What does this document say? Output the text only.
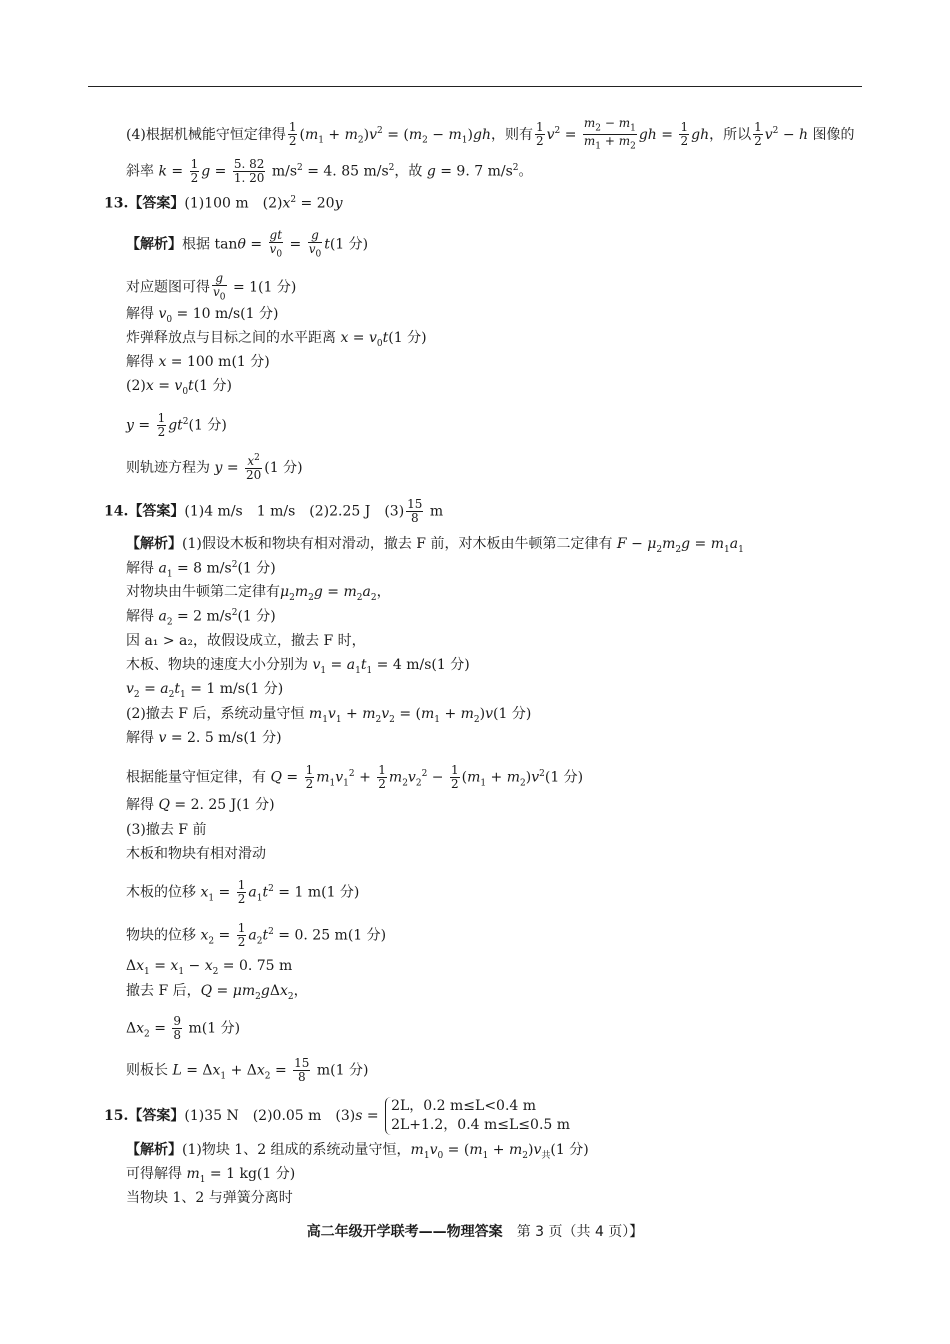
(4)根据机械能守恒定律得 $\frac{1}{2} (m_1 + m_2)v^2 = (m_2 - m_1)gh$，则有 $\frac{1}{2} v^2 = \frac{m_2 - m_1}{m_1 + m_2}$ gh = $\frac{1}{2}$ gh，所以 $\frac{1}{2} v^2 - h$ 图像的
斜率 $k = \frac{1}{2}$ $g = \frac{5. 82}{1. 20} m/s^2 = 4$. 85 $m/s^2$，故 g = 9. 7 $m/s^2$。
13.【答案】(1)100 m　$(2)x^2 = 20y$
【解析】根据 $\tan\theta = \frac{gt}{v_0} = \frac{g}{v_0} t(1$ 分)
对应题图可得 $\frac{g}{v_0} = 1(1$ 分)
解得 $v_0 = 10$ m/s(1 分)
炸弹释放点与目标之间的水平距离 $x = v_0t(1$ 分)
解得 x = 100 m(1 分)
$(2)x = v_0t(1$ 分)
$y = \frac{1}{2} gt^2(1$ 分)
则轨迹方程为 $y = \frac{x^2}{20} (1$ 分)
14.【答案】(1)4 m/s　1 m/s　(2)2.25 J　$(3) \frac{15}{8}$ m
【解析】(1)假设木板和物块有相对滑动，撤去 F 前，对木板由牛顿第二定律有 $F - \mu_2m_2g = m_1a_1$
解得 $a_1 = 8$ $m/s^2(1$ 分)
对物块由牛顿第二定律有$\mu_2m_2g = m_2a_2$，
解得 $a_2 = 2$ $m/s^2(1$ 分)
因 a₁ > a₂，故假设成立，撤去 F 时，
木板、物块的速度大小分别为 $v_1 = a_1t_1 = 4$ m/s(1 分)
$v_2 = a_2t_1 = 1$ m/s(1 分)
(2)撤去 F 后，系统动量守恒 $m_1v_1 + m_2v_2 = (m_1 + m_2)v(1$ 分)
解得 v = 2. 5 m/s(1 分)
根据能量守恒定律，有 $Q = \frac{1}{2} m_1v_1^2 + \frac{1}{2} m_2v_2^2 - \frac{1}{2} (m_1 + m_2)v^2(1$ 分)
解得 Q = 2. 25 J(1 分)
(3)撤去 F 前
木板和物块有相对滑动
木板的位移 $x_1 = \frac{1}{2} a_1t^2 = 1$ m(1 分)
物块的位移 $x_2 = \frac{1}{2} a_2t^2 = 0$. 25 m(1 分)
$\Delta x_1 = x_1 - x_2 = 0$. 75 m
撤去 F 后，$Q = \mu m_2g\Delta x_2$，
$\Delta x_2 = \frac{9}{8} m(1$ 分)
则板长 $L = \Delta x_1 + \Delta x_2 = \frac{15}{8} m(1$ 分)
15.【答案】(1)35 N　(2)0.05 m　(3)s =
2L，0.2 m≤L<0.4 m
2L+1.2，0.4 m≤L≤0.5 m
【解析】(1)物块 1、2 组成的系统动量守恒，$m_1v_0 = (m_1 + m_2)v_共(1$ 分)
可得解得 $m_1 = 1$ kg(1 分)
当物块 1、2 与弹簧分离时
高二年级开学联考——物理答案　 第 3 页（共 4 页）】
